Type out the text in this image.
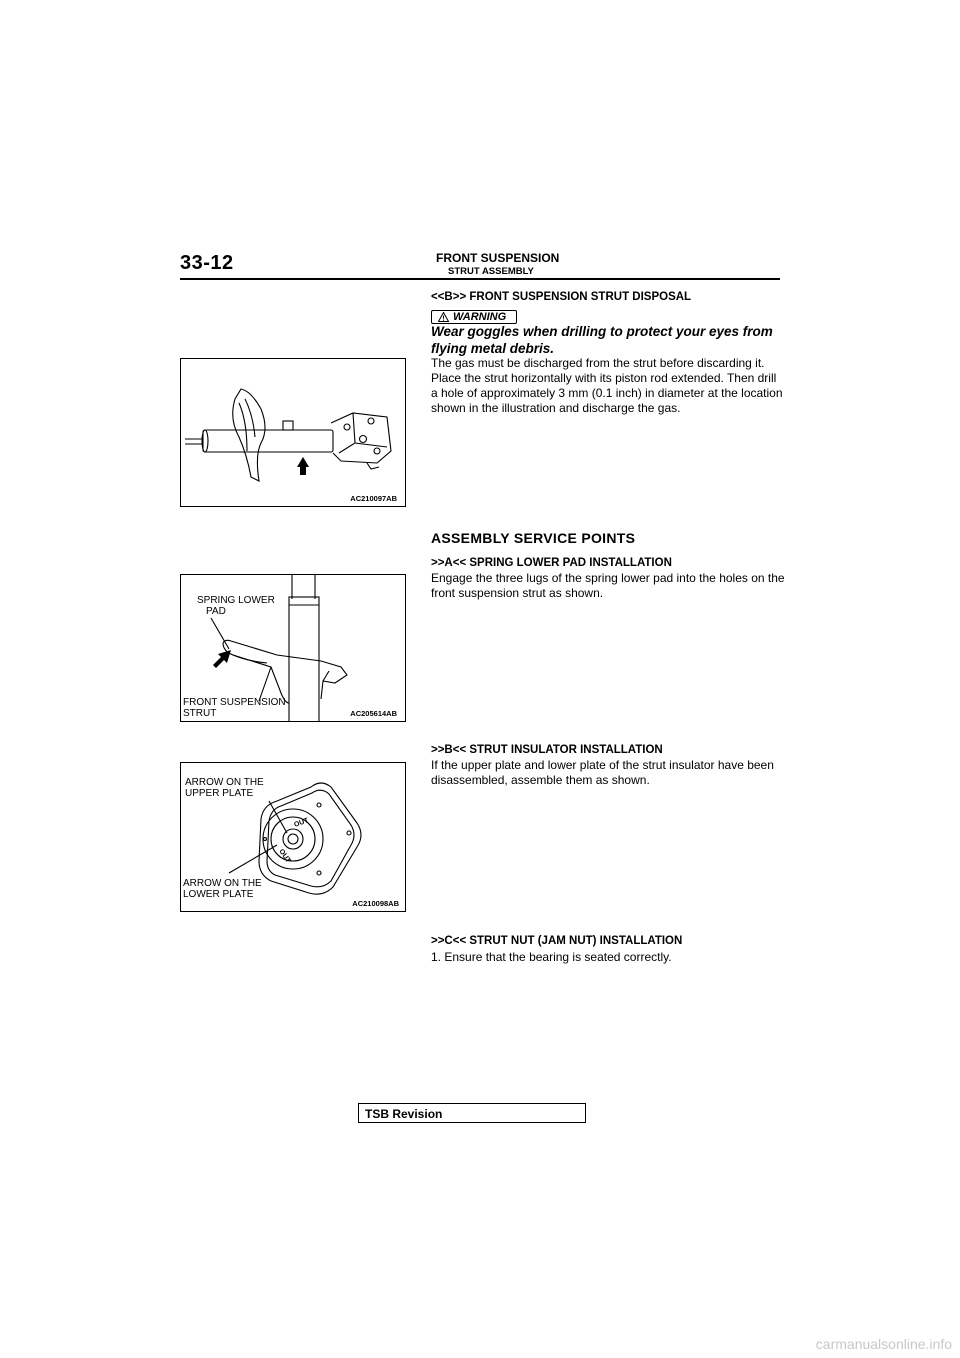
33-12	FRONT SUSPENSION
STRUT ASSEMBLY
<<B>> FRONT SUSPENSION STRUT DISPOSAL
WARNING
Wear goggles when drilling to protect your eyes from flying metal debris.
The gas must be discharged from the strut before discarding it. Place the strut horizontally with its piston rod extended. Then drill a hole of approximately 3 mm (0.1 inch) in diameter at the location shown in the illustration and discharge the gas.
AC210097AB
ASSEMBLY SERVICE POINTS
>>A<< SPRING LOWER PAD INSTALLATION
Engage the three lugs of the spring lower pad into the holes on the front suspension strut as shown.
SPRING LOWER
PAD
FRONT SUSPENSION
STRUT	AC205614AB
>>B<< STRUT INSULATOR INSTALLATION
If the upper plate and lower plate of the strut insulator have been disassembled, assemble them as shown.
OUT
OUT
ARROW ON THE
UPPER PLATE
ARROW ON THE
LOWER PLATE
AC210098AB
>>C<< STRUT NUT (JAM NUT) INSTALLATION
1. Ensure that the bearing is seated correctly.
TSB Revision
carmanualsonline.info
